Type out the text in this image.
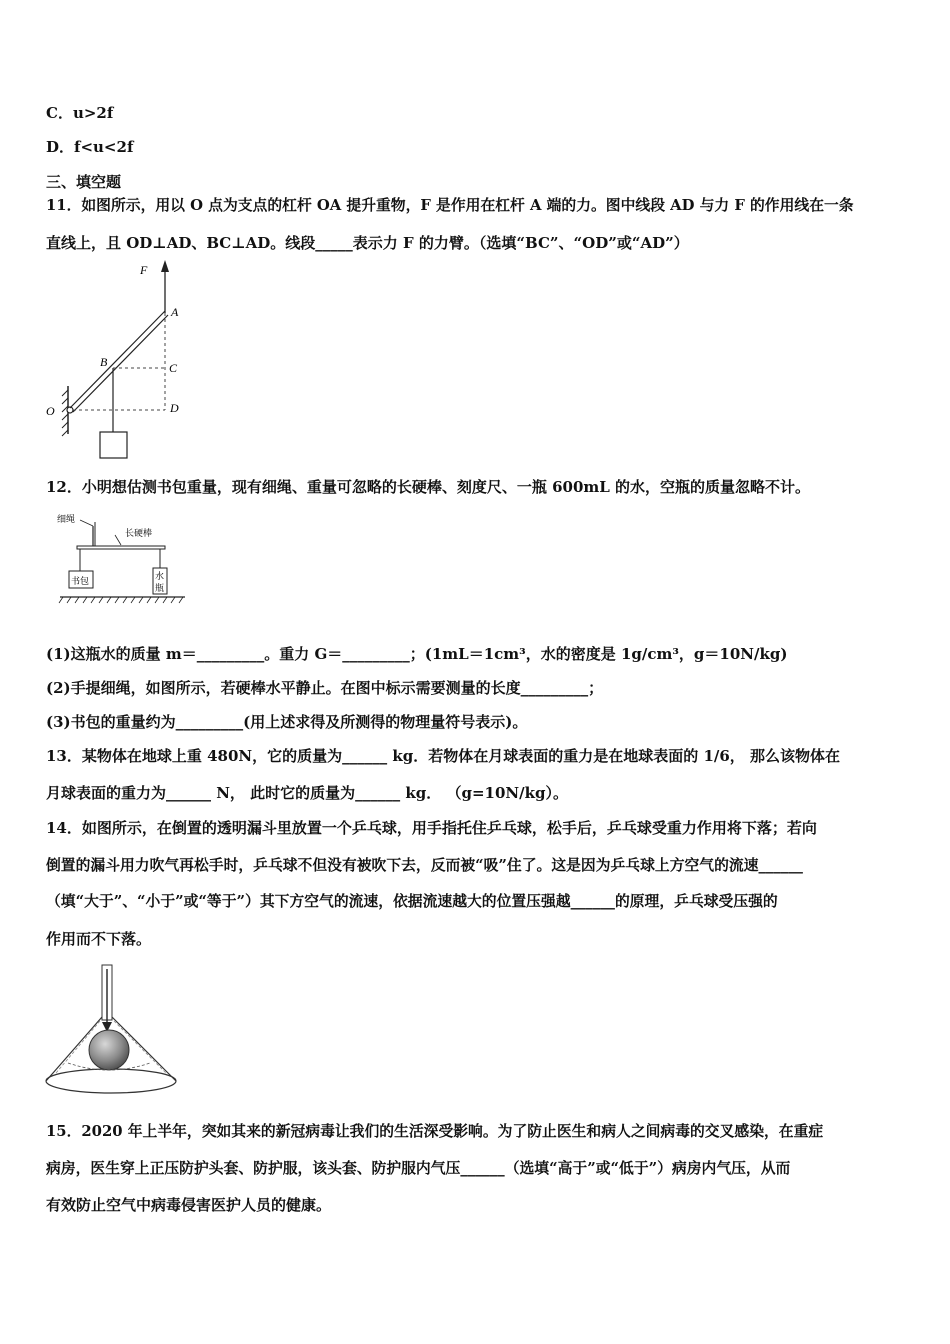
C．u>2f
D．f<u<2f
三、填空题
11．如图所示，用以 O 点为支点的杠杆 OA 提升重物，F 是作用在杠杆 A 端的力。图中线段 AD 与力 F 的作用线在一条
直线上，且 OD⊥AD、BC⊥AD。线段_____表示力 F 的力臂。（选填“BC”、“OD”或“AD”）
F
A
B	C
D
O
12．小明想估测书包重量，现有细绳、重量可忽略的长硬棒、刻度尺、一瓶 600mL 的水，空瓶的质量忽略不计。
细绳
长硬棒
书包	水
瓶
(1)这瓶水的质量 m＝_________。重力 G＝_________；(1mL＝1cm³，水的密度是 1g/cm³，g＝10N/kg)
(2)手提细绳，如图所示，若硬棒水平静止。在图中标示需要测量的长度_________；
(3)书包的重量约为_________(用上述求得及所测得的物理量符号表示)。
13．某物体在地球上重 480N，它的质量为______ kg．若物体在月球表面的重力是在地球表面的 1/6， 那么该物体在
月球表面的重力为______ N， 此时它的质量为______ kg． （g=10N/kg）。
14．如图所示，在倒置的透明漏斗里放置一个乒乓球，用手指托住乒乓球，松手后，乒乓球受重力作用将下落；若向
倒置的漏斗用力吹气再松手时，乒乓球不但没有被吹下去，反而被“吸”住了。这是因为乒乓球上方空气的流速______
（填“大于”、“小于”或“等于”）其下方空气的流速，依据流速越大的位置压强越______的原理，乒乓球受压强的
作用而不下落。
15．2020 年上半年，突如其来的新冠病毒让我们的生活深受影响。为了防止医生和病人之间病毒的交叉感染，在重症
病房，医生穿上正压防护头套、防护服，该头套、防护服内气压______（选填“高于”或“低于”）病房内气压，从而
有效防止空气中病毒侵害医护人员的健康。
